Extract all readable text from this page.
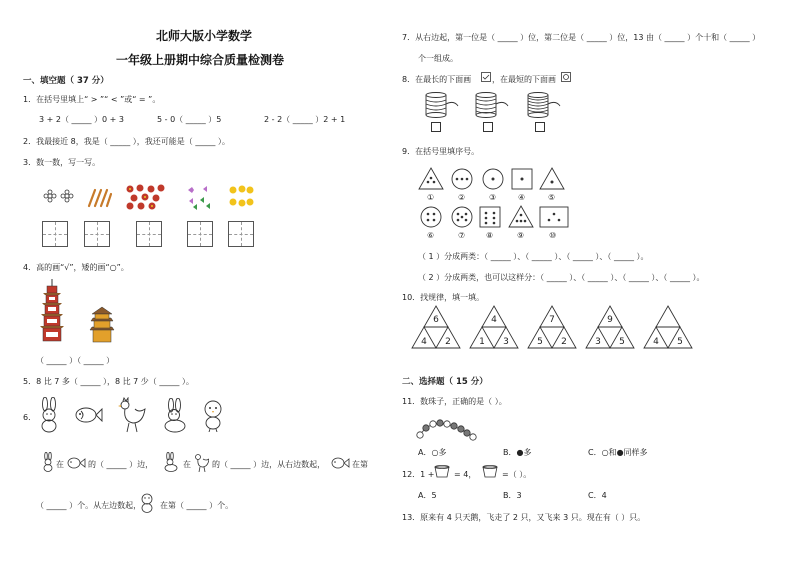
北师大版小学数学
一年级上册期中综合质量检测卷
一、填空题（ 37 分）
1．在括号里填上“ > ”“ < ”或“ = ”。
3 + 2（ _____ ）0 + 3	5 - 0（ _____ ）5	2 - 2（ _____ ）2 + 1
2．我最接近 8，我是（ _____ ），我还可能是（ _____ ）。
3．数一数，写一写。
4．高的画“√”，矮的画“○”。
（ _____ ）（ _____ ）
5．8 比 7 多（ _____ ），8 比 7 少（ _____ ）。
6．
在	的（ _____ ）边，	在	的（ _____ ）边，从右边数起，	在第
（ _____ ）个。从左边数起， 在第（ _____ ）个。
7．从右边起，第一位是（ _____ ）位，第二位是（ _____ ）位，13 由（ _____ ）个十和（ _____ ）
个一组成。
8．在最长的下面画	，在最短的下面画
9．在括号里填序号。
①	②	③	④	⑤
⑥	⑦	⑧	⑨	⑩
（ 1 ）分成两类：（ _____ ）、（ _____ ）、（ _____ ）、（ _____ ）。
（ 2 ）分成两类，也可以这样分：（ _____ ）、（ _____ ）、（ _____ ）、（ _____ ）。
10．找规律，填一填。
6
4 2
4
1 3
7
5 2
9
3 5	4 5
二、选择题（ 15 分）
11．数珠子，正确的是（ ）。
A．○多	B．●多	C．○和●同样多
12．1 + = 4，	=（ ）。
A．5	B．3	C．4
13．原来有 4 只天鹅，飞走了 2 只，又飞来 3 只。现在有（ ）只。
